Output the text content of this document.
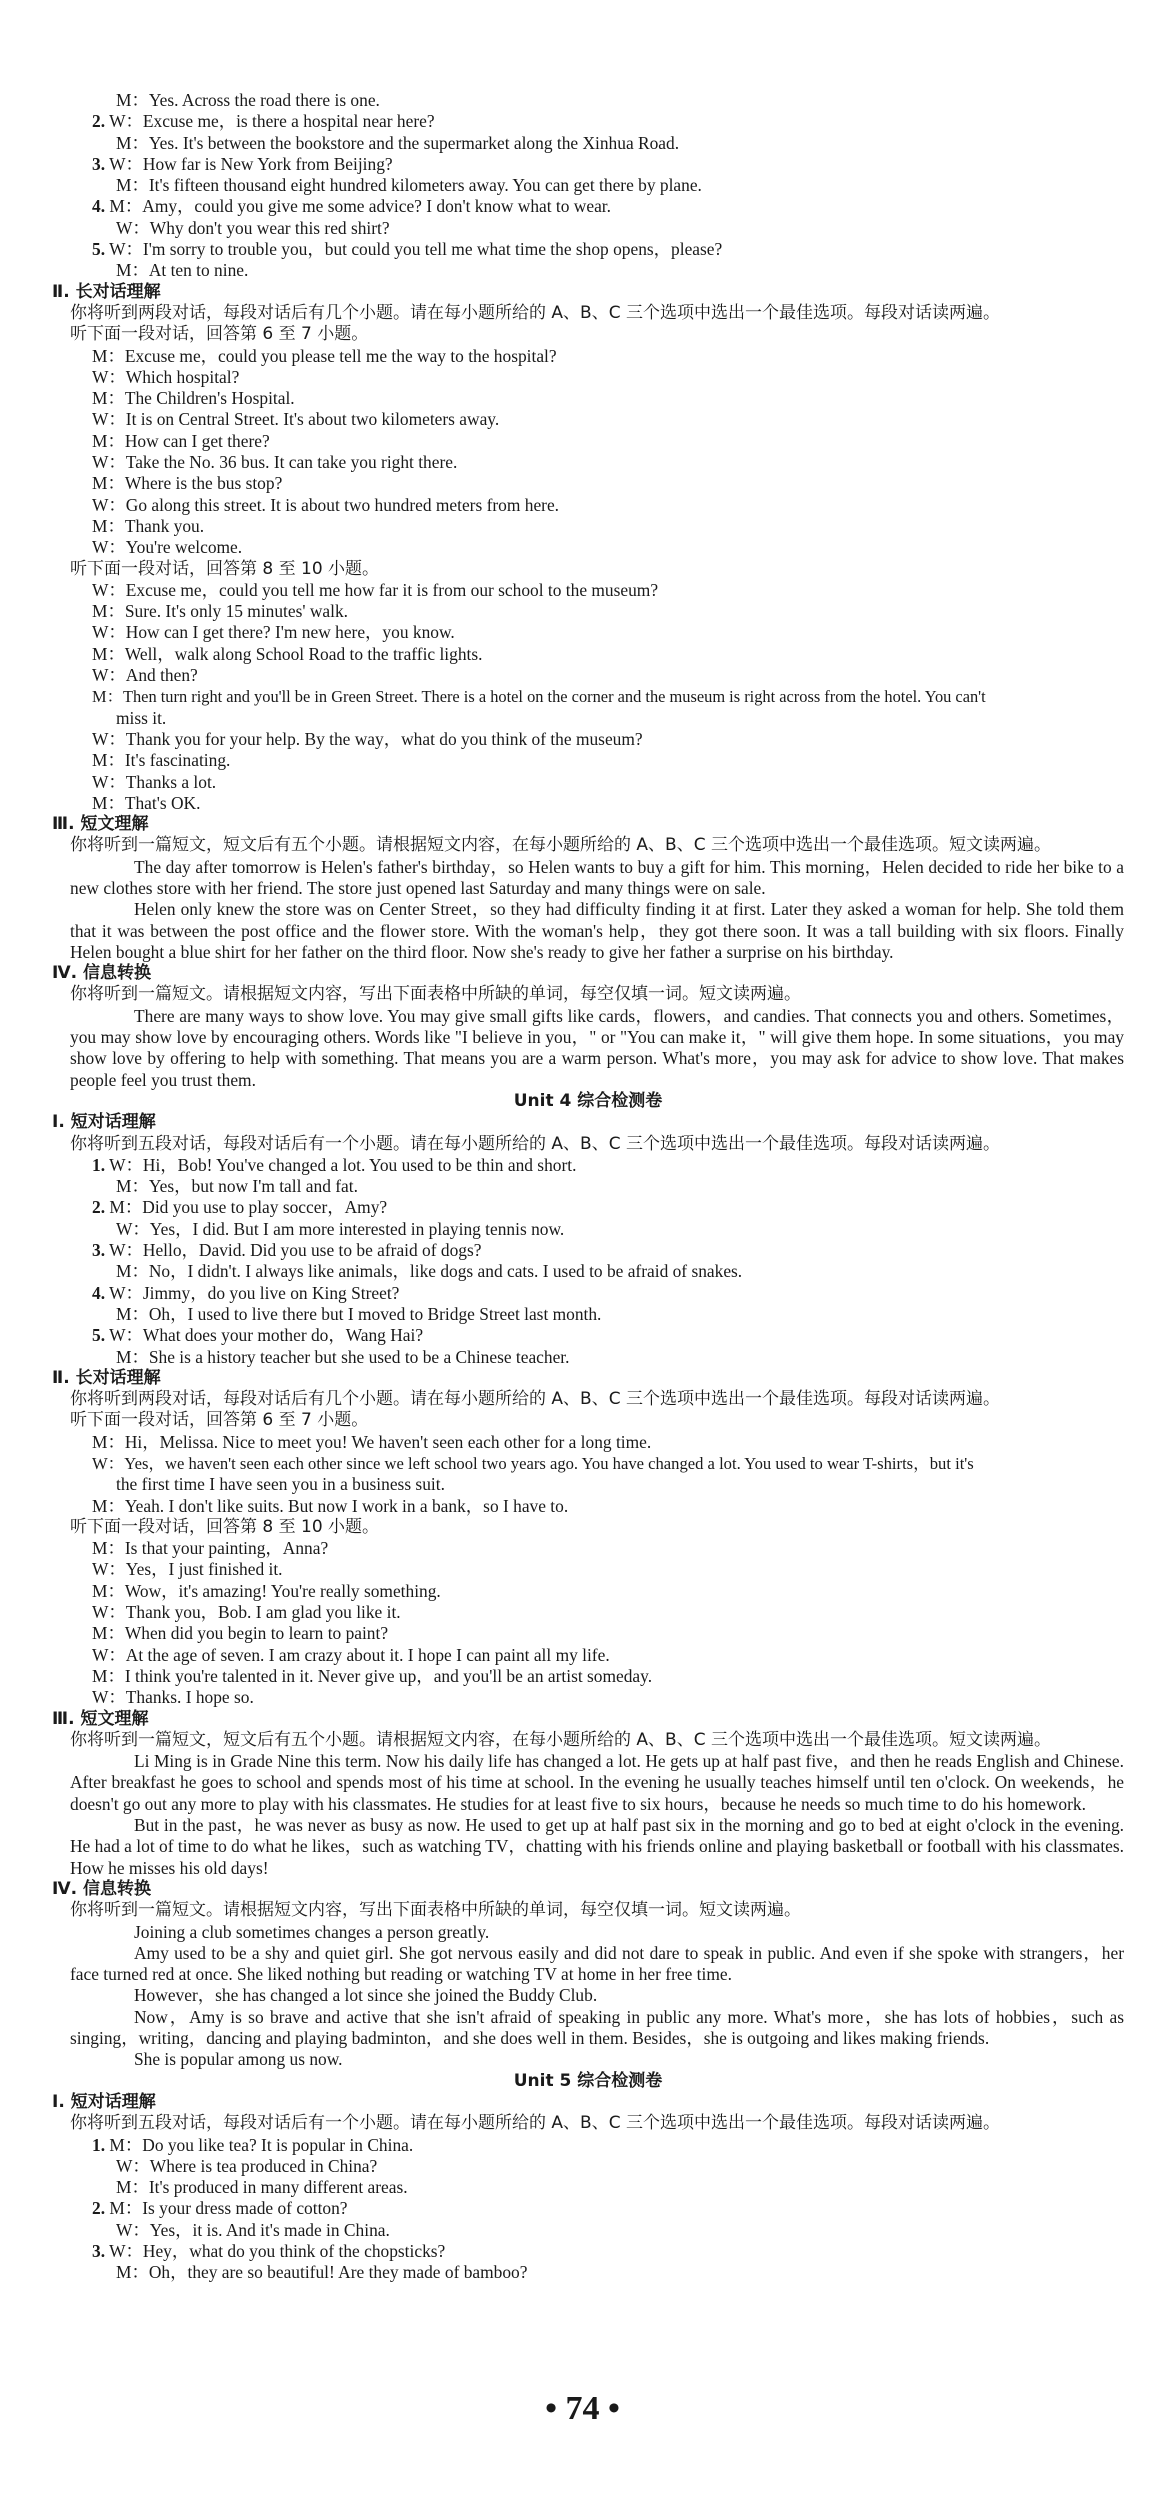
M：Yes. Across the road there is one.
2. W：Excuse me，is there a hospital near here?
M：Yes. It's between the bookstore and the supermarket along the Xinhua Road.
3. W：How far is New York from Beijing?
M：It's fifteen thousand eight hundred kilometers away. You can get there by plane.
4. M：Amy，could you give me some advice? I don't know what to wear.
W：Why don't you wear this red shirt?
5. W：I'm sorry to trouble you，but could you tell me what time the shop opens，please?
M：At ten to nine.
Ⅱ. 长对话理解
你将听到两段对话，每段对话后有几个小题。请在每小题所给的 A、B、C 三个选项中选出一个最佳选项。每段对话读两遍。
听下面一段对话，回答第 6 至 7 小题。
M：Excuse me，could you please tell me the way to the hospital?
W：Which hospital?
M：The Children's Hospital.
W：It is on Central Street. It's about two kilometers away.
M：How can I get there?
W：Take the No. 36 bus. It can take you right there.
M：Where is the bus stop?
W：Go along this street. It is about two hundred meters from here.
M：Thank you.
W：You're welcome.
听下面一段对话，回答第 8 至 10 小题。
W：Excuse me，could you tell me how far it is from our school to the museum?
M：Sure. It's only 15 minutes' walk.
W：How can I get there? I'm new here，you know.
M：Well，walk along School Road to the traffic lights.
W：And then?
M：Then turn right and you'll be in Green Street. There is a hotel on the corner and the museum is right across from the hotel. You can't
miss it.
W：Thank you for your help. By the way，what do you think of the museum?
M：It's fascinating.
W：Thanks a lot.
M：That's OK.
Ⅲ. 短文理解
你将听到一篇短文，短文后有五个小题。请根据短文内容，在每小题所给的 A、B、C 三个选项中选出一个最佳选项。短文读两遍。
The day after tomorrow is Helen's father's birthday，so Helen wants to buy a gift for him. This morning，Helen decided to ride her bike to a new clothes store with her friend. The store just opened last Saturday and many things were on sale.
Helen only knew the store was on Center Street，so they had difficulty finding it at first. Later they asked a woman for help. She told them that it was between the post office and the flower store. With the woman's help，they got there soon. It was a tall building with six floors. Finally Helen bought a blue shirt for her father on the third floor. Now she's ready to give her father a surprise on his birthday.
Ⅳ. 信息转换
你将听到一篇短文。请根据短文内容，写出下面表格中所缺的单词，每空仅填一词。短文读两遍。
There are many ways to show love. You may give small gifts like cards，flowers，and candies. That connects you and others. Sometimes，you may show love by encouraging others. Words like "I believe in you，" or "You can make it，" will give them hope. In some situations，you may show love by offering to help with something. That means you are a warm person. What's more，you may ask for advice to show love. That makes people feel you trust them.
Unit 4 综合检测卷
Ⅰ. 短对话理解
你将听到五段对话，每段对话后有一个小题。请在每小题所给的 A、B、C 三个选项中选出一个最佳选项。每段对话读两遍。
1. W：Hi，Bob! You've changed a lot. You used to be thin and short.
M：Yes，but now I'm tall and fat.
2. M：Did you use to play soccer，Amy?
W：Yes，I did. But I am more interested in playing tennis now.
3. W：Hello，David. Did you use to be afraid of dogs?
M：No，I didn't. I always like animals，like dogs and cats. I used to be afraid of snakes.
4. W：Jimmy，do you live on King Street?
M：Oh，I used to live there but I moved to Bridge Street last month.
5. W：What does your mother do，Wang Hai?
M：She is a history teacher but she used to be a Chinese teacher.
Ⅱ. 长对话理解
你将听到两段对话，每段对话后有几个小题。请在每小题所给的 A、B、C 三个选项中选出一个最佳选项。每段对话读两遍。
听下面一段对话，回答第 6 至 7 小题。
M：Hi，Melissa. Nice to meet you! We haven't seen each other for a long time.
W：Yes，we haven't seen each other since we left school two years ago. You have changed a lot. You used to wear T-shirts，but it's
the first time I have seen you in a business suit.
M：Yeah. I don't like suits. But now I work in a bank，so I have to.
听下面一段对话，回答第 8 至 10 小题。
M：Is that your painting，Anna?
W：Yes，I just finished it.
M：Wow，it's amazing! You're really something.
W：Thank you，Bob. I am glad you like it.
M：When did you begin to learn to paint?
W：At the age of seven. I am crazy about it. I hope I can paint all my life.
M：I think you're talented in it. Never give up，and you'll be an artist someday.
W：Thanks. I hope so.
Ⅲ. 短文理解
你将听到一篇短文，短文后有五个小题。请根据短文内容，在每小题所给的 A、B、C 三个选项中选出一个最佳选项。短文读两遍。
Li Ming is in Grade Nine this term. Now his daily life has changed a lot. He gets up at half past five，and then he reads English and Chinese. After breakfast he goes to school and spends most of his time at school. In the evening he usually teaches himself until ten o'clock. On weekends，he doesn't go out any more to play with his classmates. He studies for at least five to six hours，because he needs so much time to do his homework.
But in the past，he was never as busy as now. He used to get up at half past six in the morning and go to bed at eight o'clock in the evening. He had a lot of time to do what he likes，such as watching TV，chatting with his friends online and playing basketball or football with his classmates. How he misses his old days!
Ⅳ. 信息转换
你将听到一篇短文。请根据短文内容，写出下面表格中所缺的单词，每空仅填一词。短文读两遍。
Joining a club sometimes changes a person greatly.
Amy used to be a shy and quiet girl. She got nervous easily and did not dare to speak in public. And even if she spoke with strangers，her face turned red at once. She liked nothing but reading or watching TV at home in her free time.
However，she has changed a lot since she joined the Buddy Club.
Now，Amy is so brave and active that she isn't afraid of speaking in public any more. What's more，she has lots of hobbies，such as singing，writing，dancing and playing badminton，and she does well in them. Besides，she is outgoing and likes making friends.
She is popular among us now.
Unit 5 综合检测卷
Ⅰ. 短对话理解
你将听到五段对话，每段对话后有一个小题。请在每小题所给的 A、B、C 三个选项中选出一个最佳选项。每段对话读两遍。
1. M：Do you like tea? It is popular in China.
W：Where is tea produced in China?
M：It's produced in many different areas.
2. M：Is your dress made of cotton?
W：Yes，it is. And it's made in China.
3. W：Hey，what do you think of the chopsticks?
M：Oh，they are so beautiful! Are they made of bamboo?
• 74 •
